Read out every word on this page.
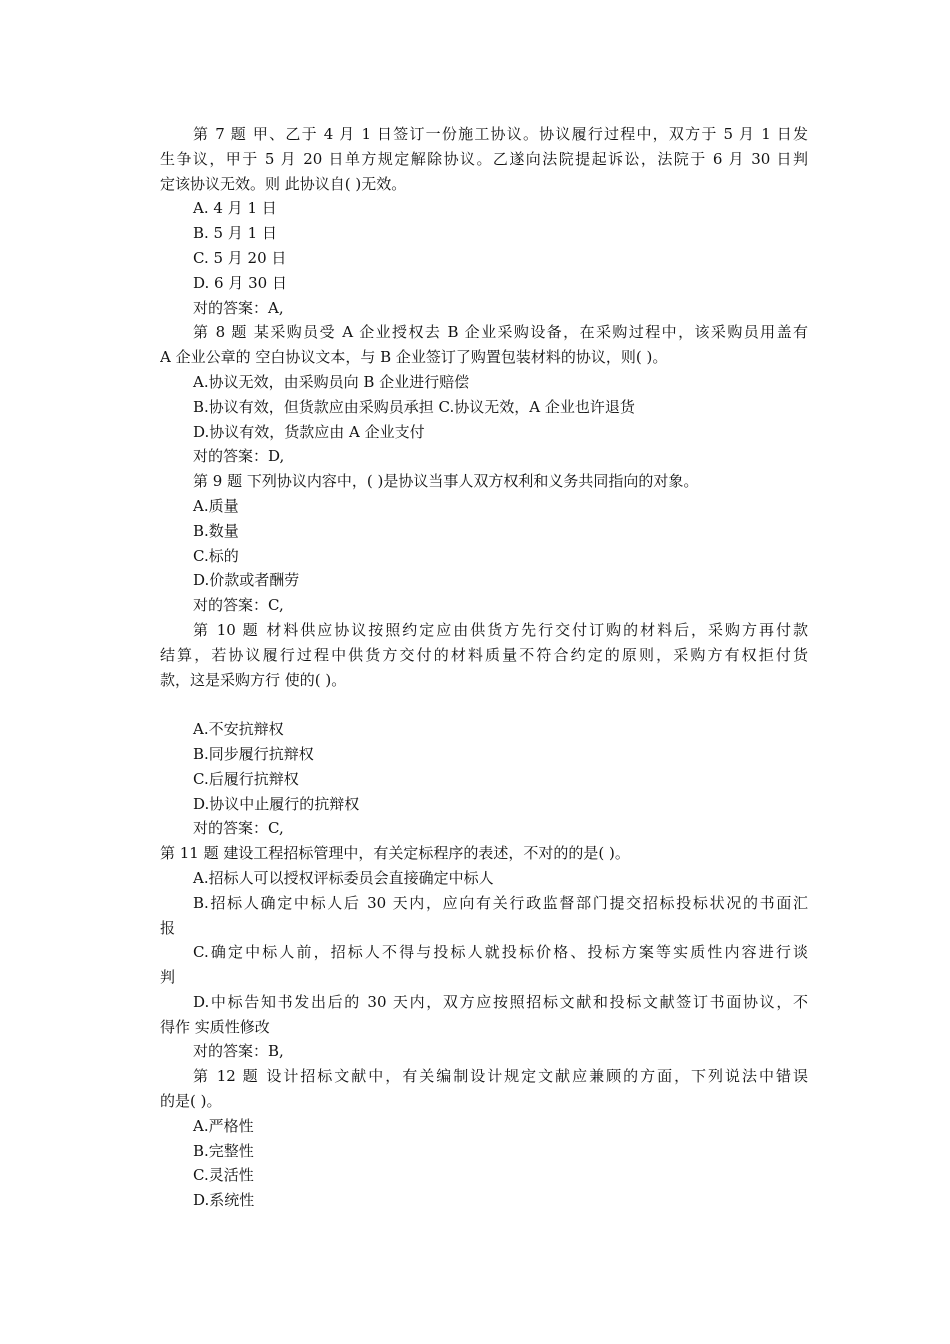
第 7 题 甲、乙于 4 月 1 日签订一份施工协议。协议履行过程中，双方于 5 月 1 日发
生争议，甲于 5 月 20 日单方规定解除协议。乙遂向法院提起诉讼，法院于 6 月 30 日判
定该协议无效。则 此协议自( )无效。
A. 4 月 1 日
B. 5 月 1 日
C. 5 月 20 日
D. 6 月 30 日
对的答案：A,
第 8 题 某采购员受 A 企业授权去 B 企业采购设备，在采购过程中，该采购员用盖有
A 企业公章的 空白协议文本，与 B 企业签订了购置包装材料的协议，则( )。
A.协议无效，由采购员向 B 企业进行赔偿
B.协议有效，但货款应由采购员承担 C.协议无效，A 企业也许退货
D.协议有效，货款应由 A 企业支付
对的答案：D,
第 9 题 下列协议内容中，( )是协议当事人双方权利和义务共同指向的对象。
A.质量
B.数量
C.标的
D.价款或者酬劳
对的答案：C,
第 10 题 材料供应协议按照约定应由供货方先行交付订购的材料后，采购方再付款
结算，若协议履行过程中供货方交付的材料质量不符合约定的原则，采购方有权拒付货
款，这是采购方行 使的( )。
A.不安抗辩权
B.同步履行抗辩权
C.后履行抗辩权
D.协议中止履行的抗辩权
对的答案：C,
第 11 题 建设工程招标管理中，有关定标程序的表述，不对的的是( )。
A.招标人可以授权评标委员会直接确定中标人
B.招标人确定中标人后 30 天内，应向有关行政监督部门提交招标投标状况的书面汇
报
C.确定中标人前，招标人不得与投标人就投标价格、投标方案等实质性内容进行谈
判
D.中标告知书发出后的 30 天内，双方应按照招标文献和投标文献签订书面协议，不
得作 实质性修改
对的答案：B,
第 12 题 设计招标文献中，有关编制设计规定文献应兼顾的方面，下列说法中错误
的是( )。
A.严格性
B.完整性
C.灵活性
D.系统性
